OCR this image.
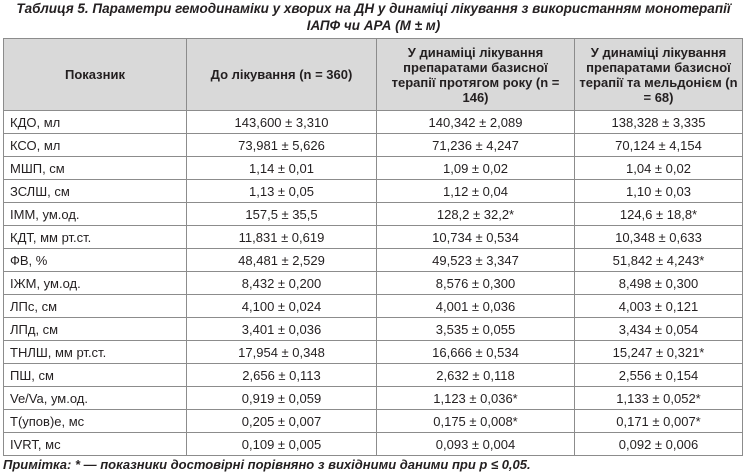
Таблиця 5. Параметри гемодинаміки у хворих на ДН у динаміці лікування з використанням монотерапії
ІАПФ чи АРА (М ± м)
Показник	До лікування (n = 360)	У динаміці лікування препаратами базисної терапії протягом року (n = 146)	У динаміці лікування препаратами базисної терапії та мельдонієм (n = 68)
КДО, мл	143,600 ± 3,310	140,342 ± 2,089	138,328 ± 3,335
КСО, мл	73,981 ± 5,626	71,236 ± 4,247	70,124 ± 4,154
МШП, см	1,14 ± 0,01	1,09 ± 0,02	1,04 ± 0,02
ЗСЛШ, см	1,13 ± 0,05	1,12 ± 0,04	1,10 ± 0,03
ІММ, ум.од.	157,5 ± 35,5	128,2 ± 32,2*	124,6 ± 18,8*
КДТ, мм рт.ст.	11,831 ± 0,619	10,734 ± 0,534	10,348 ± 0,633
ФВ, %	48,481 ± 2,529	49,523 ± 3,347	51,842 ± 4,243*
ІЖМ, ум.од.	8,432 ± 0,200	8,576 ± 0,300	8,498 ± 0,300
ЛПс, см	4,100 ± 0,024	4,001 ± 0,036	4,003 ± 0,121
ЛПд, см	3,401 ± 0,036	3,535 ± 0,055	3,434 ± 0,054
ТНЛШ, мм рт.ст.	17,954 ± 0,348	16,666 ± 0,534	15,247 ± 0,321*
ПШ, см	2,656 ± 0,113	2,632 ± 0,118	2,556 ± 0,154
Ve/Va, ум.од.	0,919 ± 0,059	1,123 ± 0,036*	1,133 ± 0,052*
T(упов)е, мс	0,205 ± 0,007	0,175 ± 0,008*	0,171 ± 0,007*
IVRT, мс	0,109 ± 0,005	0,093 ± 0,004	0,092 ± 0,006
Примітка: * — показники достовірні порівняно з вихідними даними при р ≤ 0,05.
